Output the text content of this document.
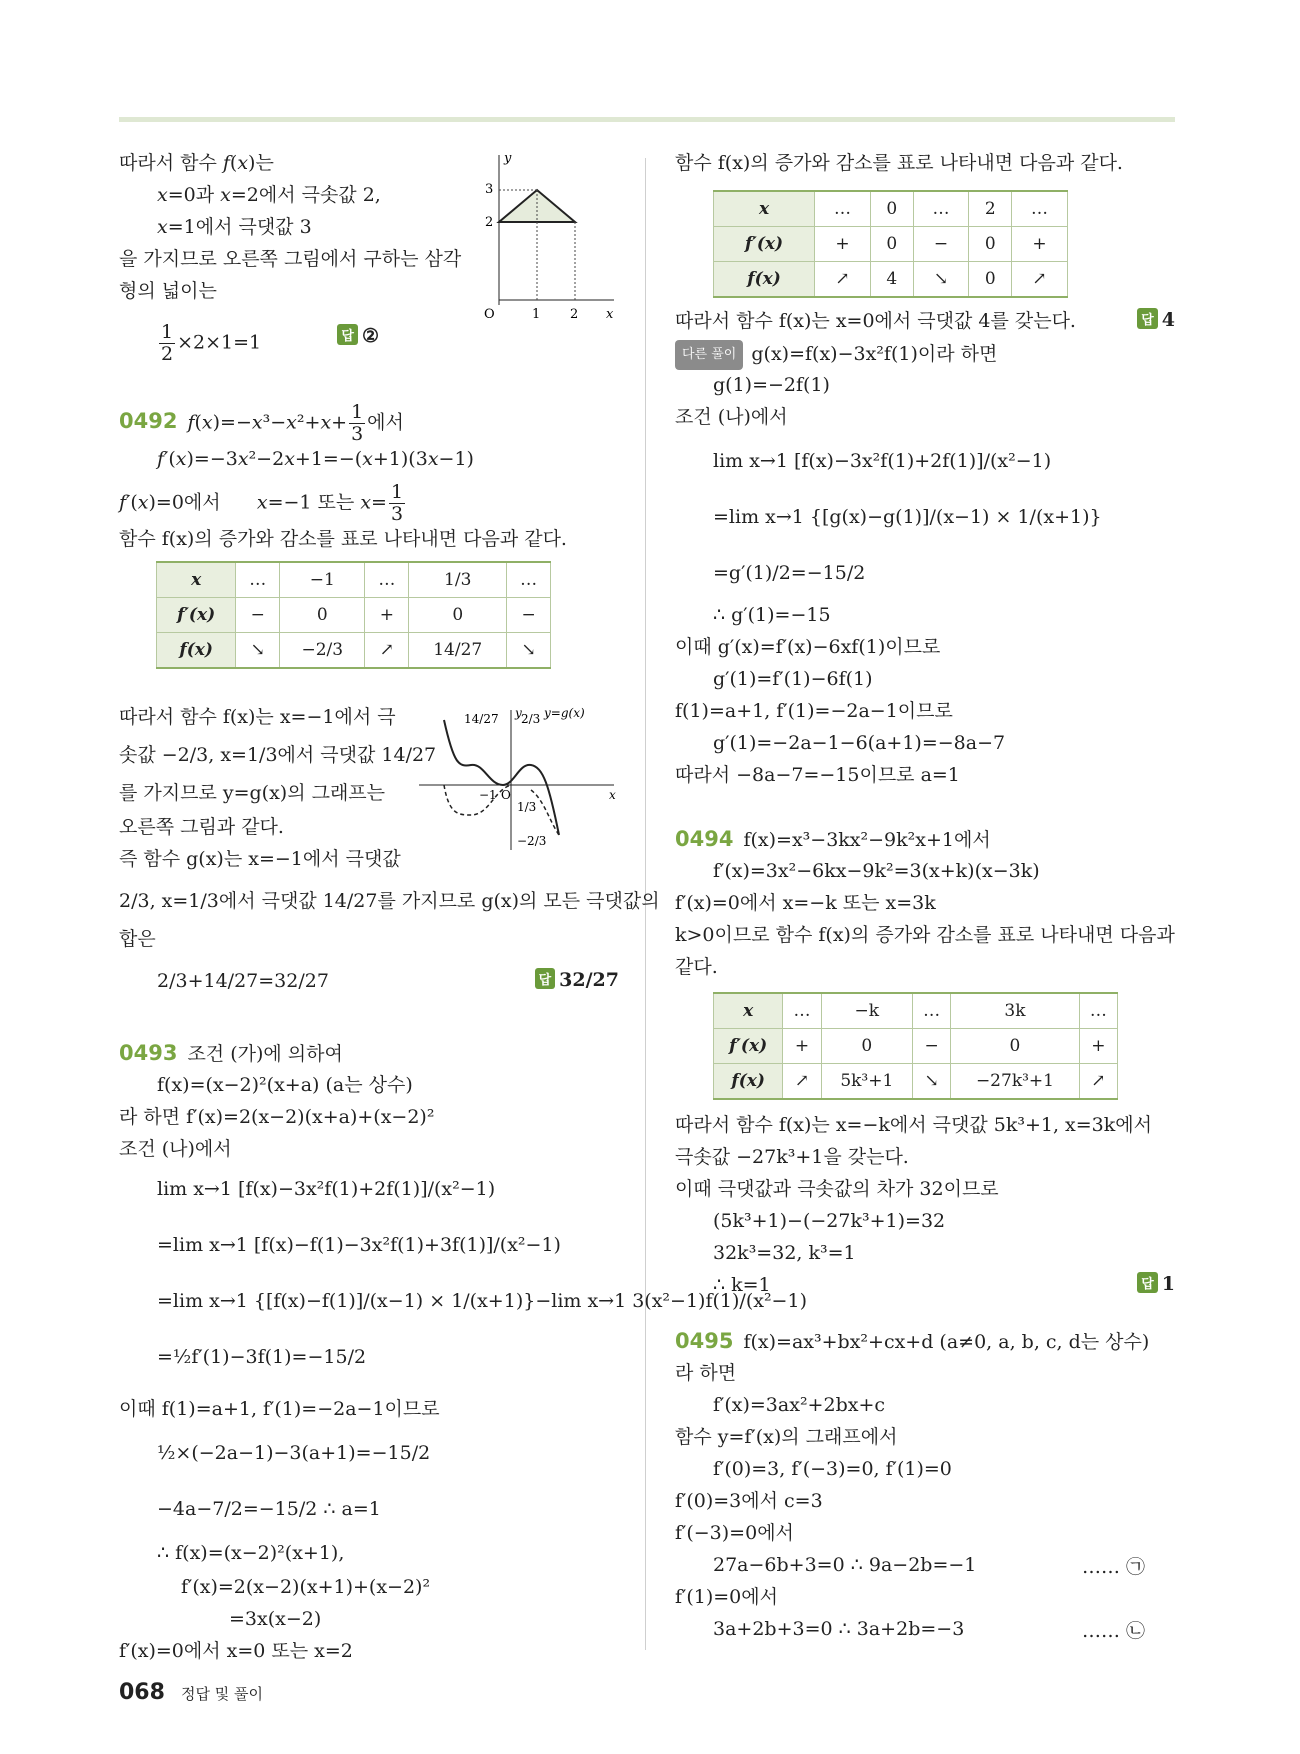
따라서 함수 f(x)는
x=0과 x=2에서 극솟값 2,
x=1에서 극댓값 3
을 가지므로 오른쪽 그림에서 구하는 삼각
형의 넓이는
$\frac{1}{2} \times 2\times 1=1$	답 ②
3
2
1 2
O
y
x
0492 $f(x)=-x^3-x^2+x+ \frac{1}{3}$ 에서
f′(x)=−3x²−2x+1=−(x+1)(3x−1)
f′(x)=0에서      x=−1 또는 $x= \frac{1}{3}$
함수 f(x)의 증가와 감소를 표로 나타내면 다음과 같다.
x	…	−1	…	1/3	…
f′(x)	−	0	+	0	−
f(x)	↘	−2/3	↗	14/27	↘
따라서 함수 f(x)는 x=−1에서 극
솟값 −2/3, x=1/3에서 극댓값 14/27
를 가지므로 y=g(x)의 그래프는
오른쪽 그림과 같다.
즉 함수 g(x)는 x=−1에서 극댓값
2/3, x=1/3에서 극댓값 14/27를 가지므로 g(x)의 모든 극댓값의
합은
2/3+14/27=32/27	답 32/27
14/27 2/3 y=g(x)
−1 O
1/3
−2/3
y
x
0493 조건 (가)에 의하여
f(x)=(x−2)²(x+a) (a는 상수)
라 하면 f′(x)=2(x−2)(x+a)+(x−2)²
조건 (나)에서
lim x→1 [f(x)−3x²f(1)+2f(1)]/(x²−1)
=lim x→1 [f(x)−f(1)−3x²f(1)+3f(1)]/(x²−1)
=lim x→1 {[f(x)−f(1)]/(x−1) × 1/(x+1)}−lim x→1 3(x²−1)f(1)/(x²−1)
=½f′(1)−3f(1)=−15/2
이때 f(1)=a+1, f′(1)=−2a−1이므로
½×(−2a−1)−3(a+1)=−15/2
−4a−7/2=−15/2 ∴ a=1
∴ f(x)=(x−2)²(x+1),
f′(x)=2(x−2)(x+1)+(x−2)²
=3x(x−2)
f′(x)=0에서 x=0 또는 x=2
함수 f(x)의 증가와 감소를 표로 나타내면 다음과 같다.
x	…	0	…	2	…
f′(x)	+	0	−	0	+
f(x)	↗	4	↘	0	↗
따라서 함수 f(x)는 x=0에서 극댓값 4를 갖는다.	답 4
다른 풀이 g(x)=f(x)−3x²f(1)이라 하면
g(1)=−2f(1)
조건 (나)에서
lim x→1 [f(x)−3x²f(1)+2f(1)]/(x²−1)
=lim x→1 {[g(x)−g(1)]/(x−1) × 1/(x+1)}
=g′(1)/2=−15/2
∴ g′(1)=−15
이때 g′(x)=f′(x)−6xf(1)이므로
g′(1)=f′(1)−6f(1)
f(1)=a+1, f′(1)=−2a−1이므로
g′(1)=−2a−1−6(a+1)=−8a−7
따라서 −8a−7=−15이므로 a=1
0494 f(x)=x³−3kx²−9k²x+1에서
f′(x)=3x²−6kx−9k²=3(x+k)(x−3k)
f′(x)=0에서 x=−k 또는 x=3k
k>0이므로 함수 f(x)의 증가와 감소를 표로 나타내면 다음과
같다.
x	…	−k	…	3k	…
f′(x)	+	0	−	0	+
f(x)	↗	5k³+1	↘	−27k³+1	↗
따라서 함수 f(x)는 x=−k에서 극댓값 5k³+1, x=3k에서
극솟값 −27k³+1을 갖는다.
이때 극댓값과 극솟값의 차가 32이므로
(5k³+1)−(−27k³+1)=32
32k³=32, k³=1
∴ k=1	답 1
0495 f(x)=ax³+bx²+cx+d (a≠0, a, b, c, d는 상수)
라 하면
f′(x)=3ax²+2bx+c
함수 y=f′(x)의 그래프에서
f′(0)=3, f′(−3)=0, f′(1)=0
f′(0)=3에서 c=3
f′(−3)=0에서
27a−6b+3=0 ∴ 9a−2b=−1	…… ㉠
f′(1)=0에서
3a+2b+3=0 ∴ 3a+2b=−3	…… ㉡
068 정답 및 풀이
